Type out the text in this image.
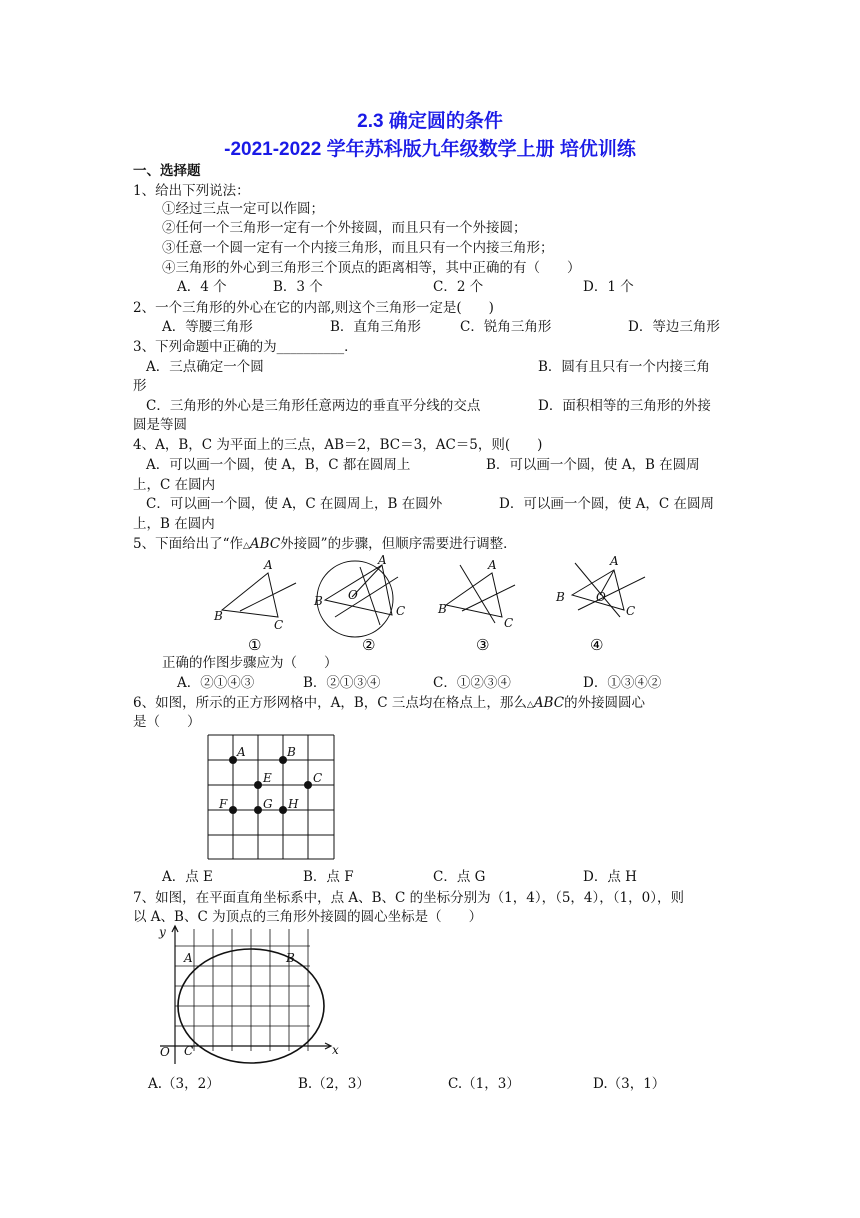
2.3 确定圆的条件
-2021-2022 学年苏科版九年级数学上册 培优训练
一、选择题
1、给出下列说法：
①经过三点一定可以作圆；
②任何一个三角形一定有一个外接圆，而且只有一个外接圆；
③任意一个圆一定有一个内接三角形，而且只有一个内接三角形；
④三角形的外心到三角形三个顶点的距离相等，其中正确的有（　　）
A．4 个	B．3 个	C．2 个	D．1 个
2、一个三角形的外心在它的内部,则这个三角形一定是(　　)
A．等腰三角形	B．直角三角形	C．锐角三角形	D．等边三角形
3、下列命题中正确的为__________．
A．三点确定一个圆	B．圆有且只有一个内接三角
形
C．三角形的外心是三角形任意两边的垂直平分线的交点	D．面积相等的三角形的外接
圆是等圆
4、A，B，C 为平面上的三点，AB＝2，BC＝3，AC＝5，则(　　)
A．可以画一个圆，使 A，B，C 都在圆周上	B．可以画一个圆，使 A，B 在圆周
上，C 在圆内
C．可以画一个圆，使 A，C 在圆周上，B 在圆外	D．可以画一个圆，使 A，C 在圆周
上，B 在圆内
5、下面给出了“作△ABC外接圆”的步骤，但顺序需要进行调整．
A
B
C
A
B
C
O
A
B
C
A
B
C
O
①	②	③	④
正确的作图步骤应为（　　）
A．②①④③	B．②①③④	C．①②③④	D．①③④②
6、如图，所示的正方形网格中，A，B，C 三点均在格点上，那么△ABC的外接圆圆心
是（　　）
A	B
C
E
F	G H
A．点 E	B．点 F	C．点 G	D．点 H
7、如图，在平面直角坐标系中，点 A、B、C 的坐标分别为（1，4），（5，4），（1，0），则
以 A、B、C 为顶点的三角形外接圆的圆心坐标是（　　）
x
y
O
A	B
C
A.（3，2）	B.（2，3）	C.（1，3）	D.（3，1）
